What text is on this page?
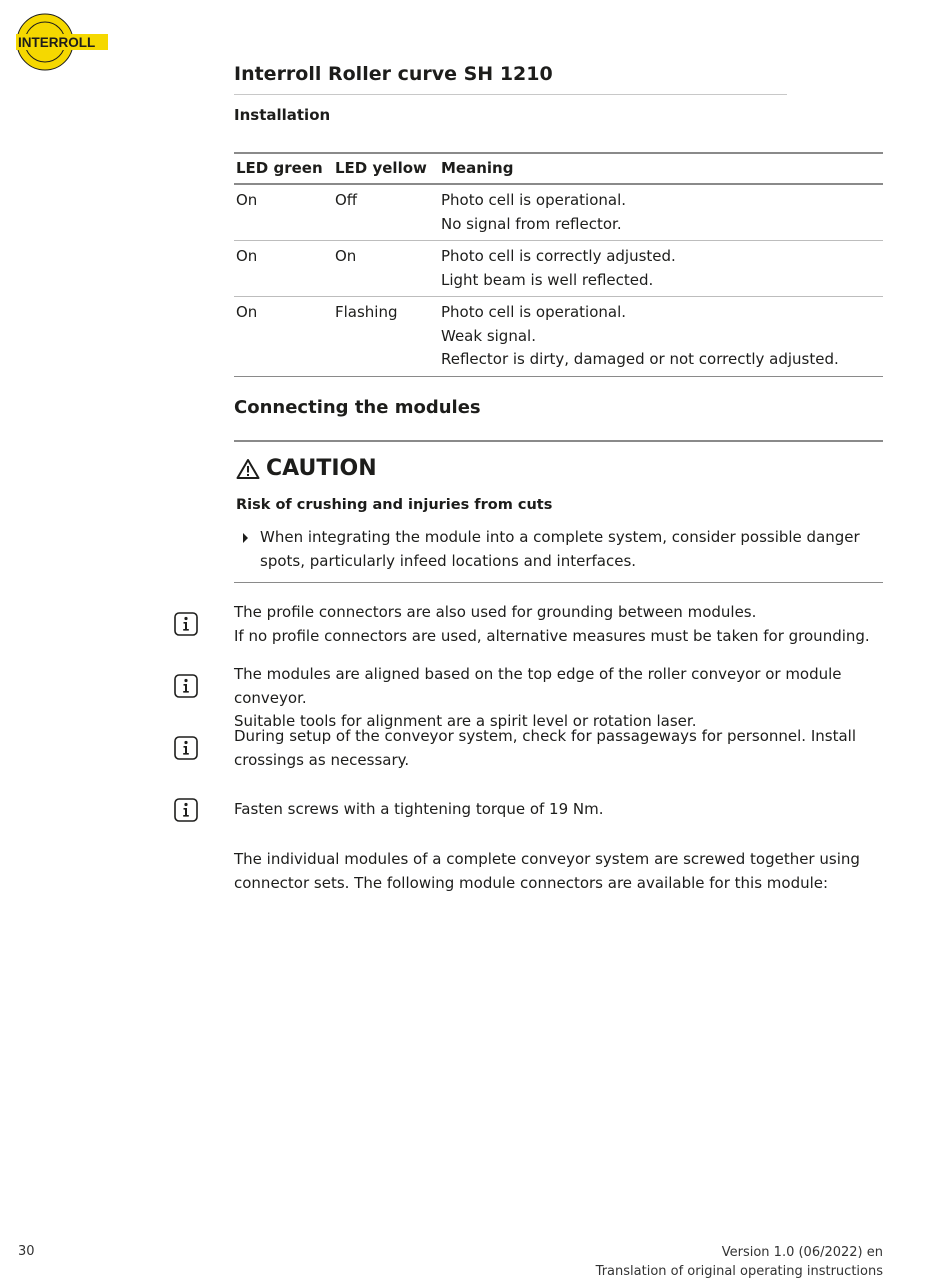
INTERROLL
Interroll Roller curve SH 1210
Installation
LED green	LED yellow	Meaning
On	Off	Photo cell is operational.
No signal from reflector.

On	On	Photo cell is correctly adjusted.
Light beam is well reflected.

On	Flashing	Photo cell is operational.
Weak signal.
Reflector is dirty, damaged or not correctly adjusted.
Connecting the modules
CAUTION
Risk of crushing and injuries from cuts
When integrating the module into a complete system, consider possible danger spots, particularly infeed locations and interfaces.
The profile connectors are also used for grounding between modules.
If no profile connectors are used, alternative measures must be taken for grounding.
The modules are aligned based on the top edge of the roller conveyor or module conveyor.
Suitable tools for alignment are a spirit level or rotation laser.
During setup of the conveyor system, check for passageways for personnel. Install crossings as necessary.
Fasten screws with a tightening torque of 19 Nm.

The individual modules of a complete conveyor system are screwed together using connector sets. The following module connectors are available for this module:

30	Version 1.0 (06/2022) en
Translation of original operating instructions
